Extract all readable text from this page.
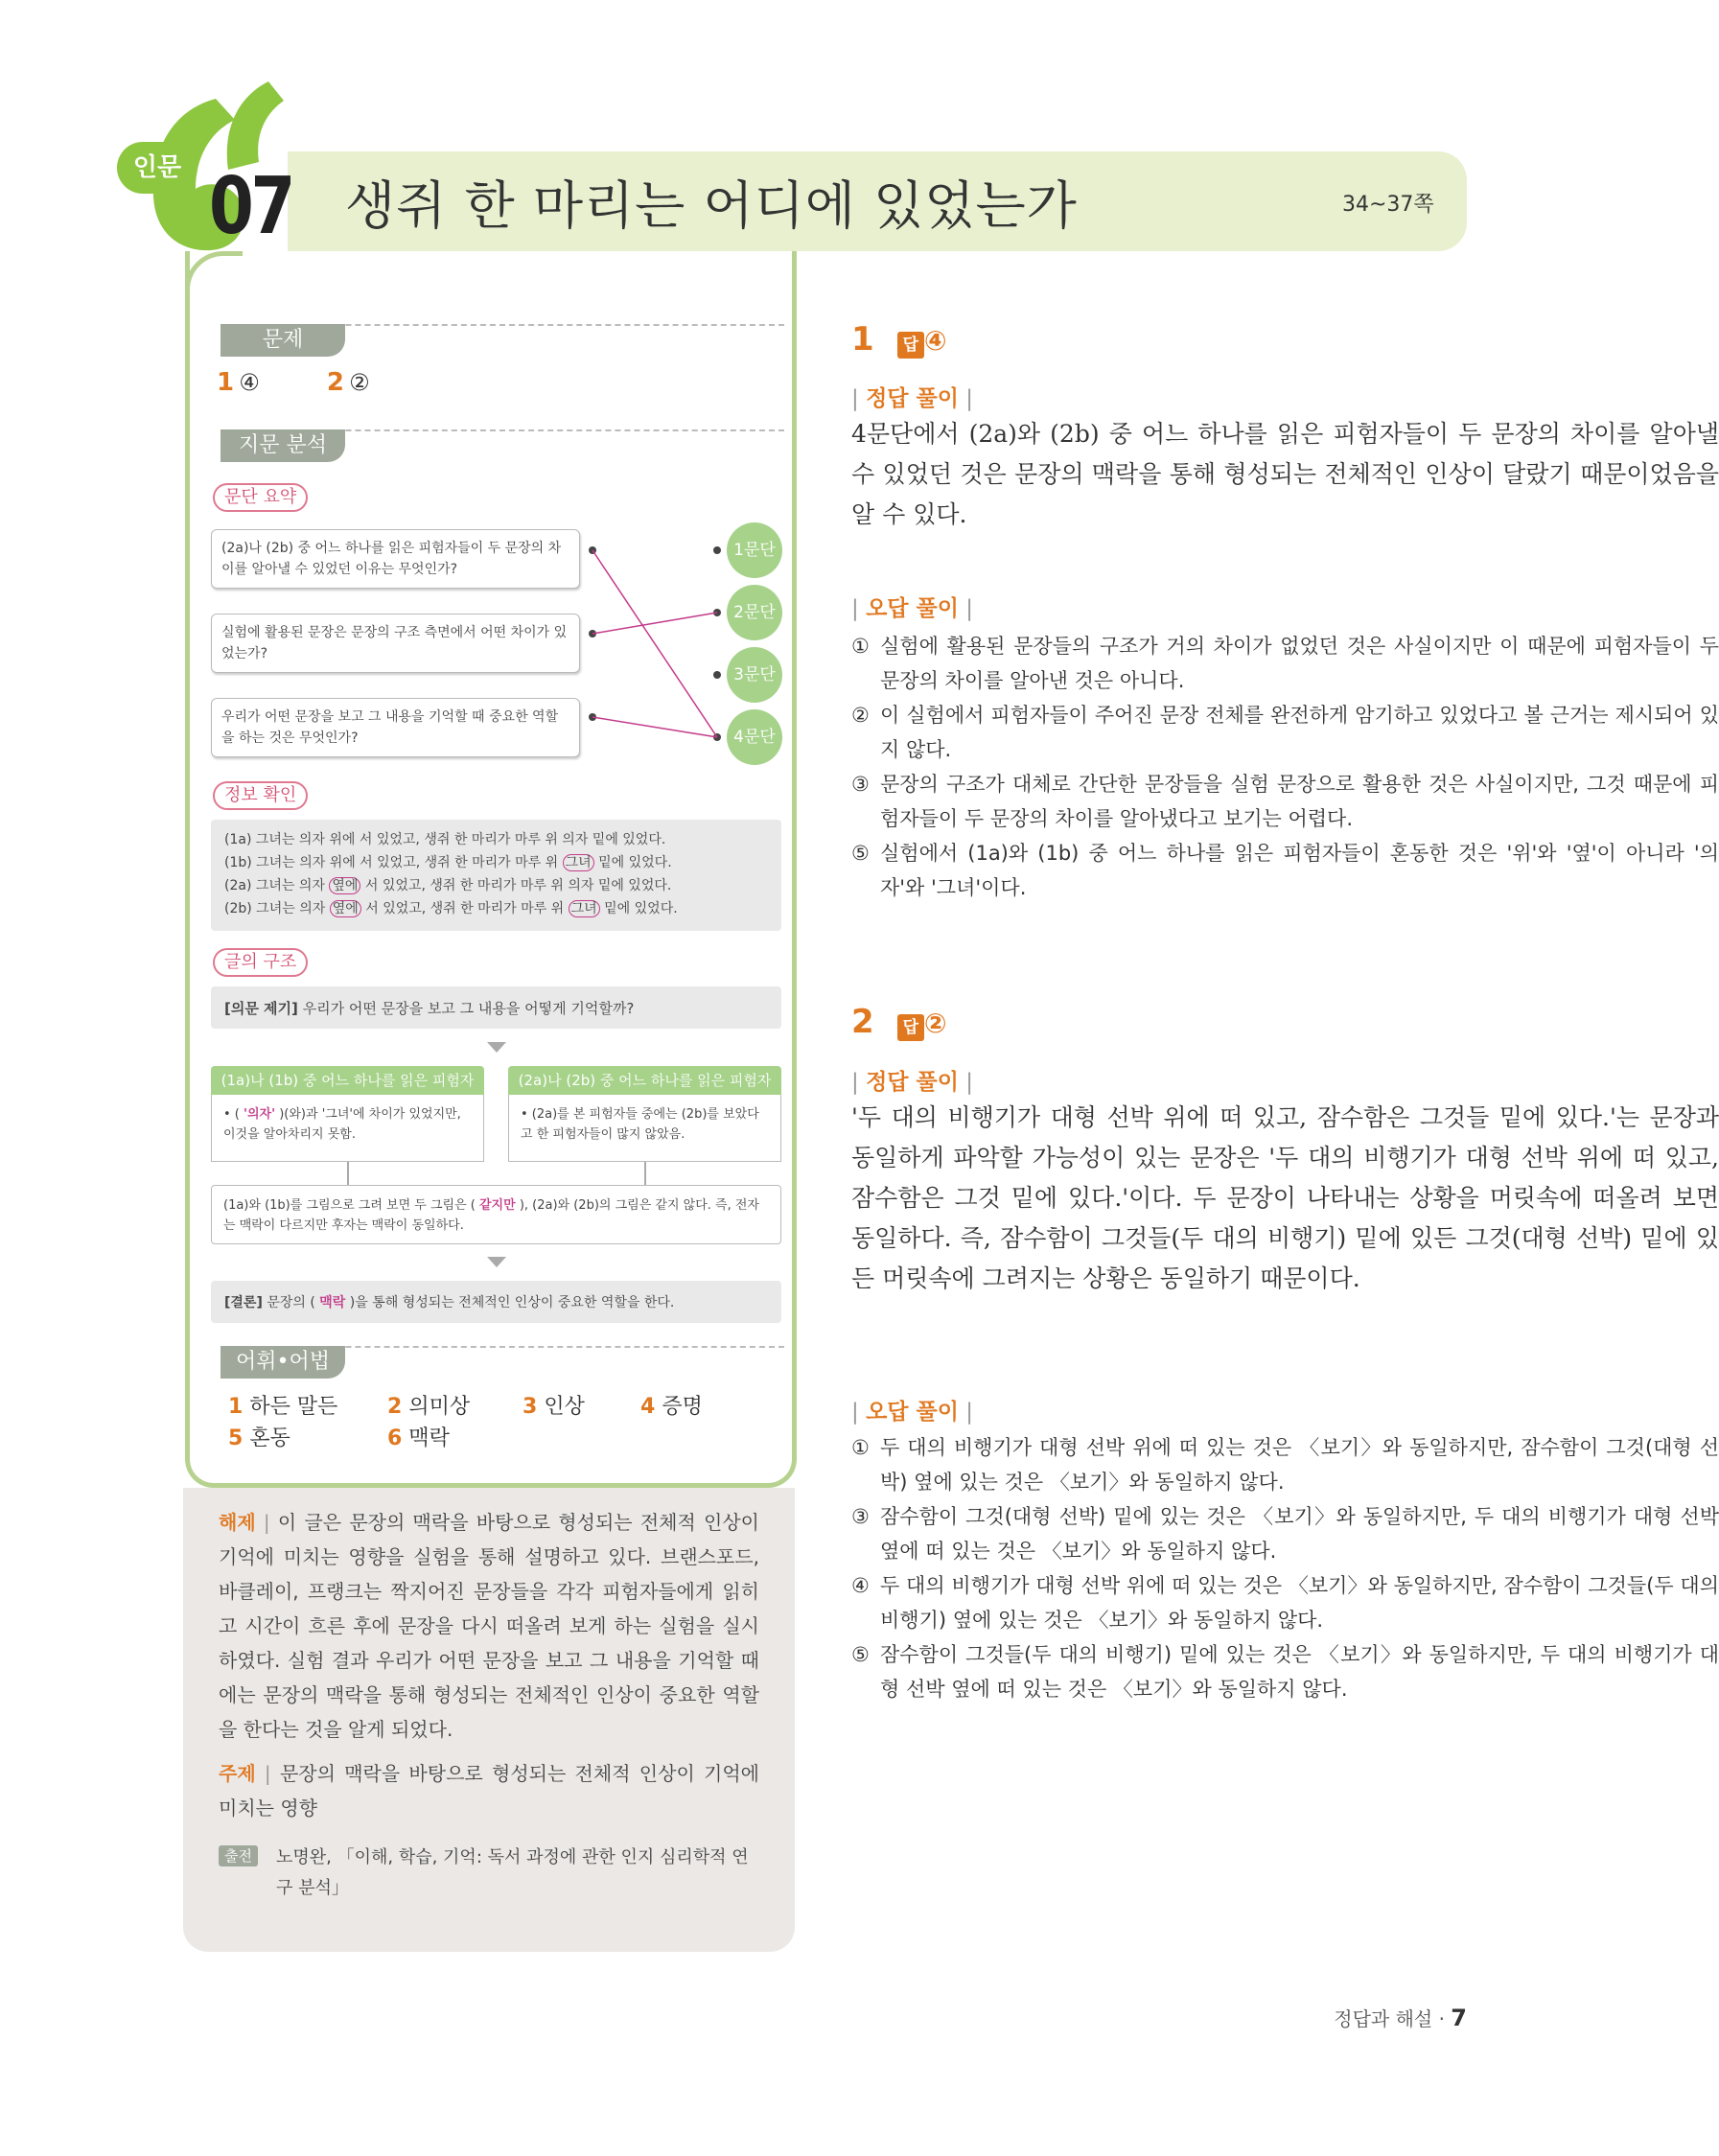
인문 07 생쥐 한 마리는 어디에 있었는가	34~37쪽
문제
1 ④	2 ②
지문 분석
문단 요약
(2a)나 (2b) 중 어느 하나를 읽은 피험자들이 두 문장의 차이를 알아낼 수 있었던 이유는 무엇인가?
실험에 활용된 문장은 문장의 구조 측면에서 어떤 차이가 있었는가?
우리가 어떤 문장을 보고 그 내용을 기억할 때 중요한 역할을 하는 것은 무엇인가?
1문단
2문단
3문단
4문단
정보 확인
(1a) 그녀는 의자 위에 서 있었고, 생쥐 한 마리가 마루 위 의자 밑에 있었다.
(1b) 그녀는 의자 위에 서 있었고, 생쥐 한 마리가 마루 위 그녀 밑에 있었다.
(2a) 그녀는 의자 옆에 서 있었고, 생쥐 한 마리가 마루 위 의자 밑에 있었다.
(2b) 그녀는 의자 옆에 서 있었고, 생쥐 한 마리가 마루 위 그녀 밑에 있었다.
글의 구조
[의문 제기] 우리가 어떤 문장을 보고 그 내용을 어떻게 기억할까?
(1a)나 (1b) 중 어느 하나를 읽은 피험자
• ( '의자' )(와)과 '그녀'에 차이가 있었지만, 이것을 알아차리지 못함.
(2a)나 (2b) 중 어느 하나를 읽은 피험자
• (2a)를 본 피험자들 중에는 (2b)를 보았다고 한 피험자들이 많지 않았음.
(1a)와 (1b)를 그림으로 그려 보면 두 그림은 ( 같지만 ), (2a)와 (2b)의 그림은 같지 않다. 즉, 전자는 맥락이 다르지만 후자는 맥락이 동일하다.
[결론] 문장의 ( 맥락 )을 통해 형성되는 전체적인 인상이 중요한 역할을 한다.
어휘•어법
1 하든 말든 2 의미상 3 인상	4 증명
5 혼동	6 맥락
해제 | 이 글은 문장의 맥락을 바탕으로 형성되는 전체적 인상이 기억에 미치는 영향을 실험을 통해 설명하고 있다. 브랜스포드, 바클레이, 프랭크는 짝지어진 문장들을 각각 피험자들에게 읽히고 시간이 흐른 후에 문장을 다시 떠올려 보게 하는 실험을 실시하였다. 실험 결과 우리가 어떤 문장을 보고 그 내용을 기억할 때에는 문장의 맥락을 통해 형성되는 전체적인 인상이 중요한 역할을 한다는 것을 알게 되었다.
주제 | 문장의 맥락을 바탕으로 형성되는 전체적 인상이 기억에 미치는 영향
출전	노명완, 「이해, 학습, 기억: 독서 과정에 관한 인지 심리학적 연구 분석」
1 답 ④
| 정답 풀이 |
4문단에서 (2a)와 (2b) 중 어느 하나를 읽은 피험자들이 두 문장의 차이를 알아낼 수 있었던 것은 문장의 맥락을 통해 형성되는 전체적인 인상이 달랐기 때문이었음을 알 수 있다.
| 오답 풀이 |
① 실험에 활용된 문장들의 구조가 거의 차이가 없었던 것은 사실이지만 이 때문에 피험자들이 두 문장의 차이를 알아낸 것은 아니다.
② 이 실험에서 피험자들이 주어진 문장 전체를 완전하게 암기하고 있었다고 볼 근거는 제시되어 있지 않다.
③ 문장의 구조가 대체로 간단한 문장들을 실험 문장으로 활용한 것은 사실이지만, 그것 때문에 피험자들이 두 문장의 차이를 알아냈다고 보기는 어렵다.
⑤ 실험에서 (1a)와 (1b) 중 어느 하나를 읽은 피험자들이 혼동한 것은 '위'와 '옆'이 아니라 '의자'와 '그녀'이다.
2 답 ②
| 정답 풀이 |
'두 대의 비행기가 대형 선박 위에 떠 있고, 잠수함은 그것들 밑에 있다.'는 문장과 동일하게 파악할 가능성이 있는 문장은 '두 대의 비행기가 대형 선박 위에 떠 있고, 잠수함은 그것 밑에 있다.'이다. 두 문장이 나타내는 상황을 머릿속에 떠올려 보면 동일하다. 즉, 잠수함이 그것들(두 대의 비행기) 밑에 있든 그것(대형 선박) 밑에 있든 머릿속에 그려지는 상황은 동일하기 때문이다.
| 오답 풀이 |
① 두 대의 비행기가 대형 선박 위에 떠 있는 것은 〈보기〉와 동일하지만, 잠수함이 그것(대형 선박) 옆에 있는 것은 〈보기〉와 동일하지 않다.
③ 잠수함이 그것(대형 선박) 밑에 있는 것은 〈보기〉와 동일하지만, 두 대의 비행기가 대형 선박 옆에 떠 있는 것은 〈보기〉와 동일하지 않다.
④ 두 대의 비행기가 대형 선박 위에 떠 있는 것은 〈보기〉와 동일하지만, 잠수함이 그것들(두 대의 비행기) 옆에 있는 것은 〈보기〉와 동일하지 않다.
⑤ 잠수함이 그것들(두 대의 비행기) 밑에 있는 것은 〈보기〉와 동일하지만, 두 대의 비행기가 대형 선박 옆에 떠 있는 것은 〈보기〉와 동일하지 않다.
정답과 해설 · 7
